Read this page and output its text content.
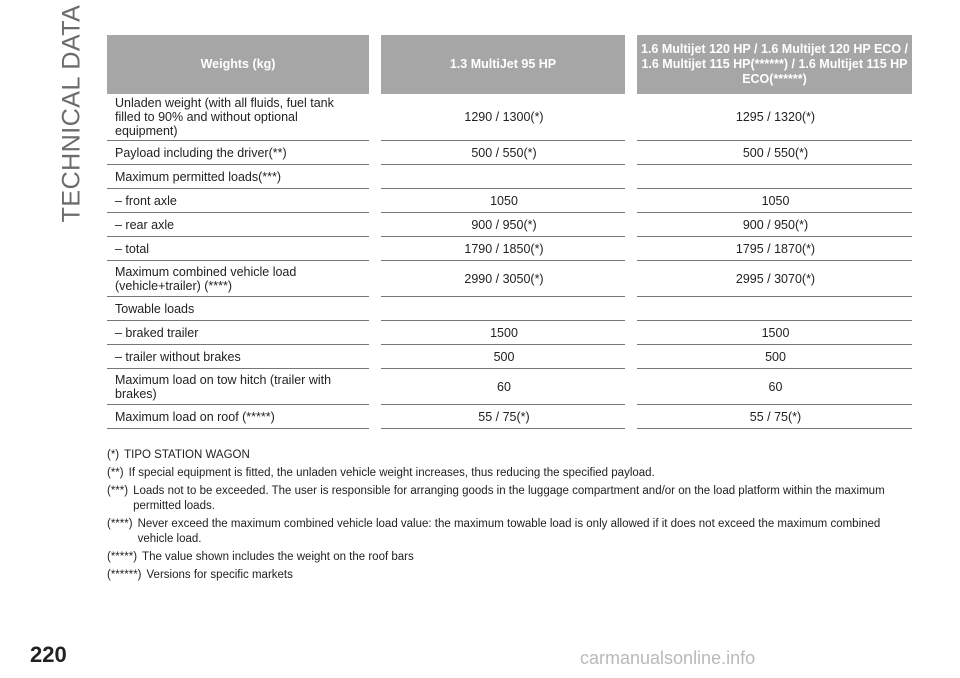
TECHNICAL DATA	Weights (kg)		1.3 MultiJet 95 HP		1.6 Multijet 120 HP / 1.6 Multijet 120 HP ECO / 1.6 Multijet 115 HP(******) / 1.6 Multijet 115 HP ECO(******)
Unladen weight (with all fluids, fuel tank filled to 90% and without optional equipment)		1290 / 1300(*)		1295 / 1320(*)
Payload including the driver(**)		500 / 550(*)		500 / 550(*)
Maximum permitted loads(***)				
– front axle		1050		1050
– rear axle		900 / 950(*)		900 / 950(*)
– total		1790 / 1850(*)		1795 / 1870(*)
Maximum combined vehicle load (vehicle+trailer) (****)		2990 / 3050(*)		2995 / 3070(*)
Towable loads				
– braked trailer		1500		1500
– trailer without brakes		500		500
Maximum load on tow hitch (trailer with brakes)		60		60
Maximum load on roof (*****)		55 / 75(*)		55 / 75(*)
(*) TIPO STATION WAGON
(**) If special equipment is fitted, the unladen vehicle weight increases, thus reducing the specified payload.
(***) Loads not to be exceeded. The user is responsible for arranging goods in the luggage compartment and/or on the load platform within the maximum permitted loads.
(****) Never exceed the maximum combined vehicle load value: the maximum towable load is only allowed if it does not exceed the maximum combined vehicle load.
(*****) The value shown includes the weight on the roof bars
(******) Versions for specific markets
220	carmanualsonline.info
